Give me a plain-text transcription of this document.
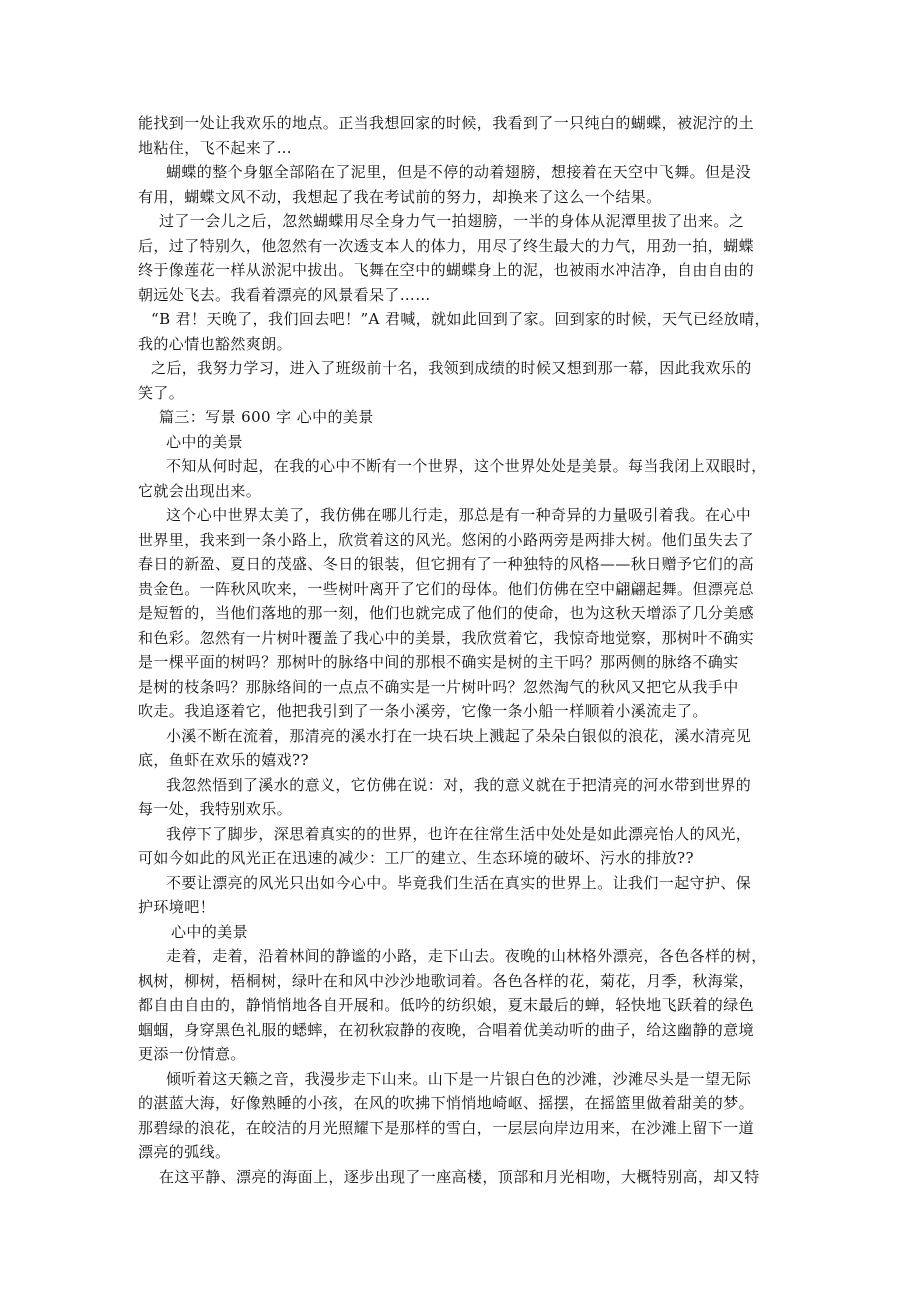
能找到一处让我欢乐的地点。正当我想回家的时候，我看到了一只纯白的蝴蝶，被泥泞的土
地粘住，飞不起来了…
蝴蝶的整个身躯全部陷在了泥里，但是不停的动着翅膀，想接着在天空中飞舞。但是没
有用，蝴蝶文风不动，我想起了我在考试前的努力，却换来了这么一个结果。
过了一会儿之后，忽然蝴蝶用尽全身力气一拍翅膀，一半的身体从泥潭里拔了出来。之
后，过了特别久，他忽然有一次透支本人的体力，用尽了终生最大的力气，用劲一拍，蝴蝶
终于像莲花一样从淤泥中拔出。飞舞在空中的蝴蝶身上的泥，也被雨水冲洁净，自由自由的
朝远处飞去。我看着漂亮的风景看呆了……
“B 君！天晚了，我们回去吧！”A 君喊，就如此回到了家。回到家的时候，天气已经放晴，
我的心情也豁然爽朗。
之后，我努力学习，进入了班级前十名，我领到成绩的时候又想到那一幕，因此我欢乐的
笑了。
篇三：写景 600 字 心中的美景
心中的美景
不知从何时起，在我的心中不断有一个世界，这个世界处处是美景。每当我闭上双眼时，
它就会出现出来。
这个心中世界太美了，我仿佛在哪儿行走，那总是有一种奇异的力量吸引着我。在心中
世界里，我来到一条小路上，欣赏着这的风光。悠闲的小路两旁是两排大树。他们虽失去了
春日的新盈、夏日的茂盛、冬日的银装，但它拥有了一种独特的风格——秋日赠予它们的高
贵金色。一阵秋风吹来，一些树叶离开了它们的母体。他们仿佛在空中翩翩起舞。但漂亮总
是短暂的，当他们落地的那一刻，他们也就完成了他们的使命，也为这秋天增添了几分美感
和色彩。忽然有一片树叶覆盖了我心中的美景，我欣赏着它，我惊奇地觉察，那树叶不确实
是一棵平面的树吗？那树叶的脉络中间的那根不确实是树的主干吗？那两侧的脉络不确实
是树的枝条吗？那脉络间的一点点不确实是一片树叶吗？忽然淘气的秋风又把它从我手中
吹走。我追逐着它，他把我引到了一条小溪旁，它像一条小船一样顺着小溪流走了。
小溪不断在流着，那清亮的溪水打在一块石块上溅起了朵朵白银似的浪花，溪水清亮见
底，鱼虾在欢乐的嬉戏??
我忽然悟到了溪水的意义，它仿佛在说：对，我的意义就在于把清亮的河水带到世界的
每一处，我特别欢乐。
我停下了脚步，深思着真实的的世界，也许在往常生活中处处是如此漂亮怡人的风光，
可如今如此的风光正在迅速的减少：工厂的建立、生态环境的破坏、污水的排放??
不要让漂亮的风光只出如今心中。毕竟我们生活在真实的世界上。让我们一起守护、保
护环境吧！
心中的美景
走着，走着，沿着林间的静谧的小路，走下山去。夜晚的山林格外漂亮，各色各样的树，
枫树，柳树，梧桐树，绿叶在和风中沙沙地歌词着。各色各样的花，菊花，月季，秋海棠，
都自由自由的，静悄悄地各自开展和。低吟的纺织娘，夏末最后的蝉，轻快地飞跃着的绿色
蝈蝈，身穿黑色礼服的蟋蟀，在初秋寂静的夜晚，合唱着优美动听的曲子，给这幽静的意境
更添一份情意。
倾听着这天籁之音，我漫步走下山来。山下是一片银白色的沙滩，沙滩尽头是一望无际
的湛蓝大海，好像熟睡的小孩，在风的吹拂下悄悄地崎岖、摇摆，在摇篮里做着甜美的梦。
那碧绿的浪花，在皎洁的月光照耀下是那样的雪白，一层层向岸边用来，在沙滩上留下一道
漂亮的弧线。
在这平静、漂亮的海面上，逐步出现了一座高楼，顶部和月光相吻，大概特别高，却又特
